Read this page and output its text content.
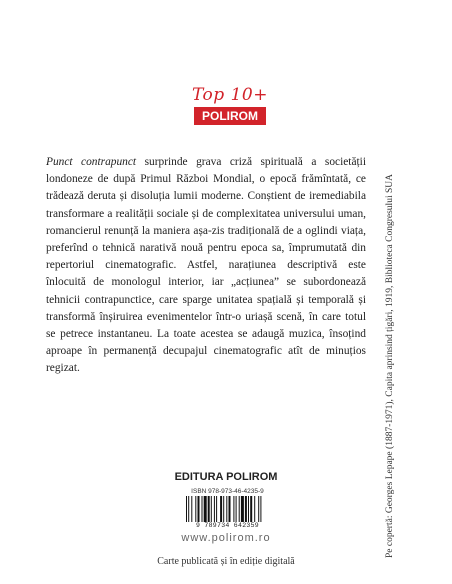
Top 10+
POLIROM

Punct contrapunct surprinde grava criză spirituală a societății londoneze de după Primul Război Mondial, o epocă frămîntată, ce trădează deruta și disoluția lumii moderne. Conștient de iremediabila transformare a realității sociale și de complexitatea universului uman, romancierul renunță la maniera așa-zis tradițională de a oglindi viața, preferînd o tehnică narativă nouă pentru epoca sa, împrumutată din repertoriul cinematografic. Astfel, narațiunea descriptivă este înlocuită de monologul interior, iar „acțiunea” se subordonează tehnicii contrapunctice, care sparge unitatea spațială și temporală și transformă înșiruirea evenimentelor într-o uriașă scenă, în care totul se petrece instantaneu. La toate acestea se adaugă muzica, însoțind aproape în permanență decupajul cinematografic atît de minuțios regizat.	Pe copertă: Georges Lepape (1887-1971), Capita aprinsind țigări, 1919, Biblioteca Congresului SUA
EDITURA POLIROM
ISBN 978-973-46-4235-9
9 789734 642359
www.polirom.ro
Carte publicată și în ediție digitală
